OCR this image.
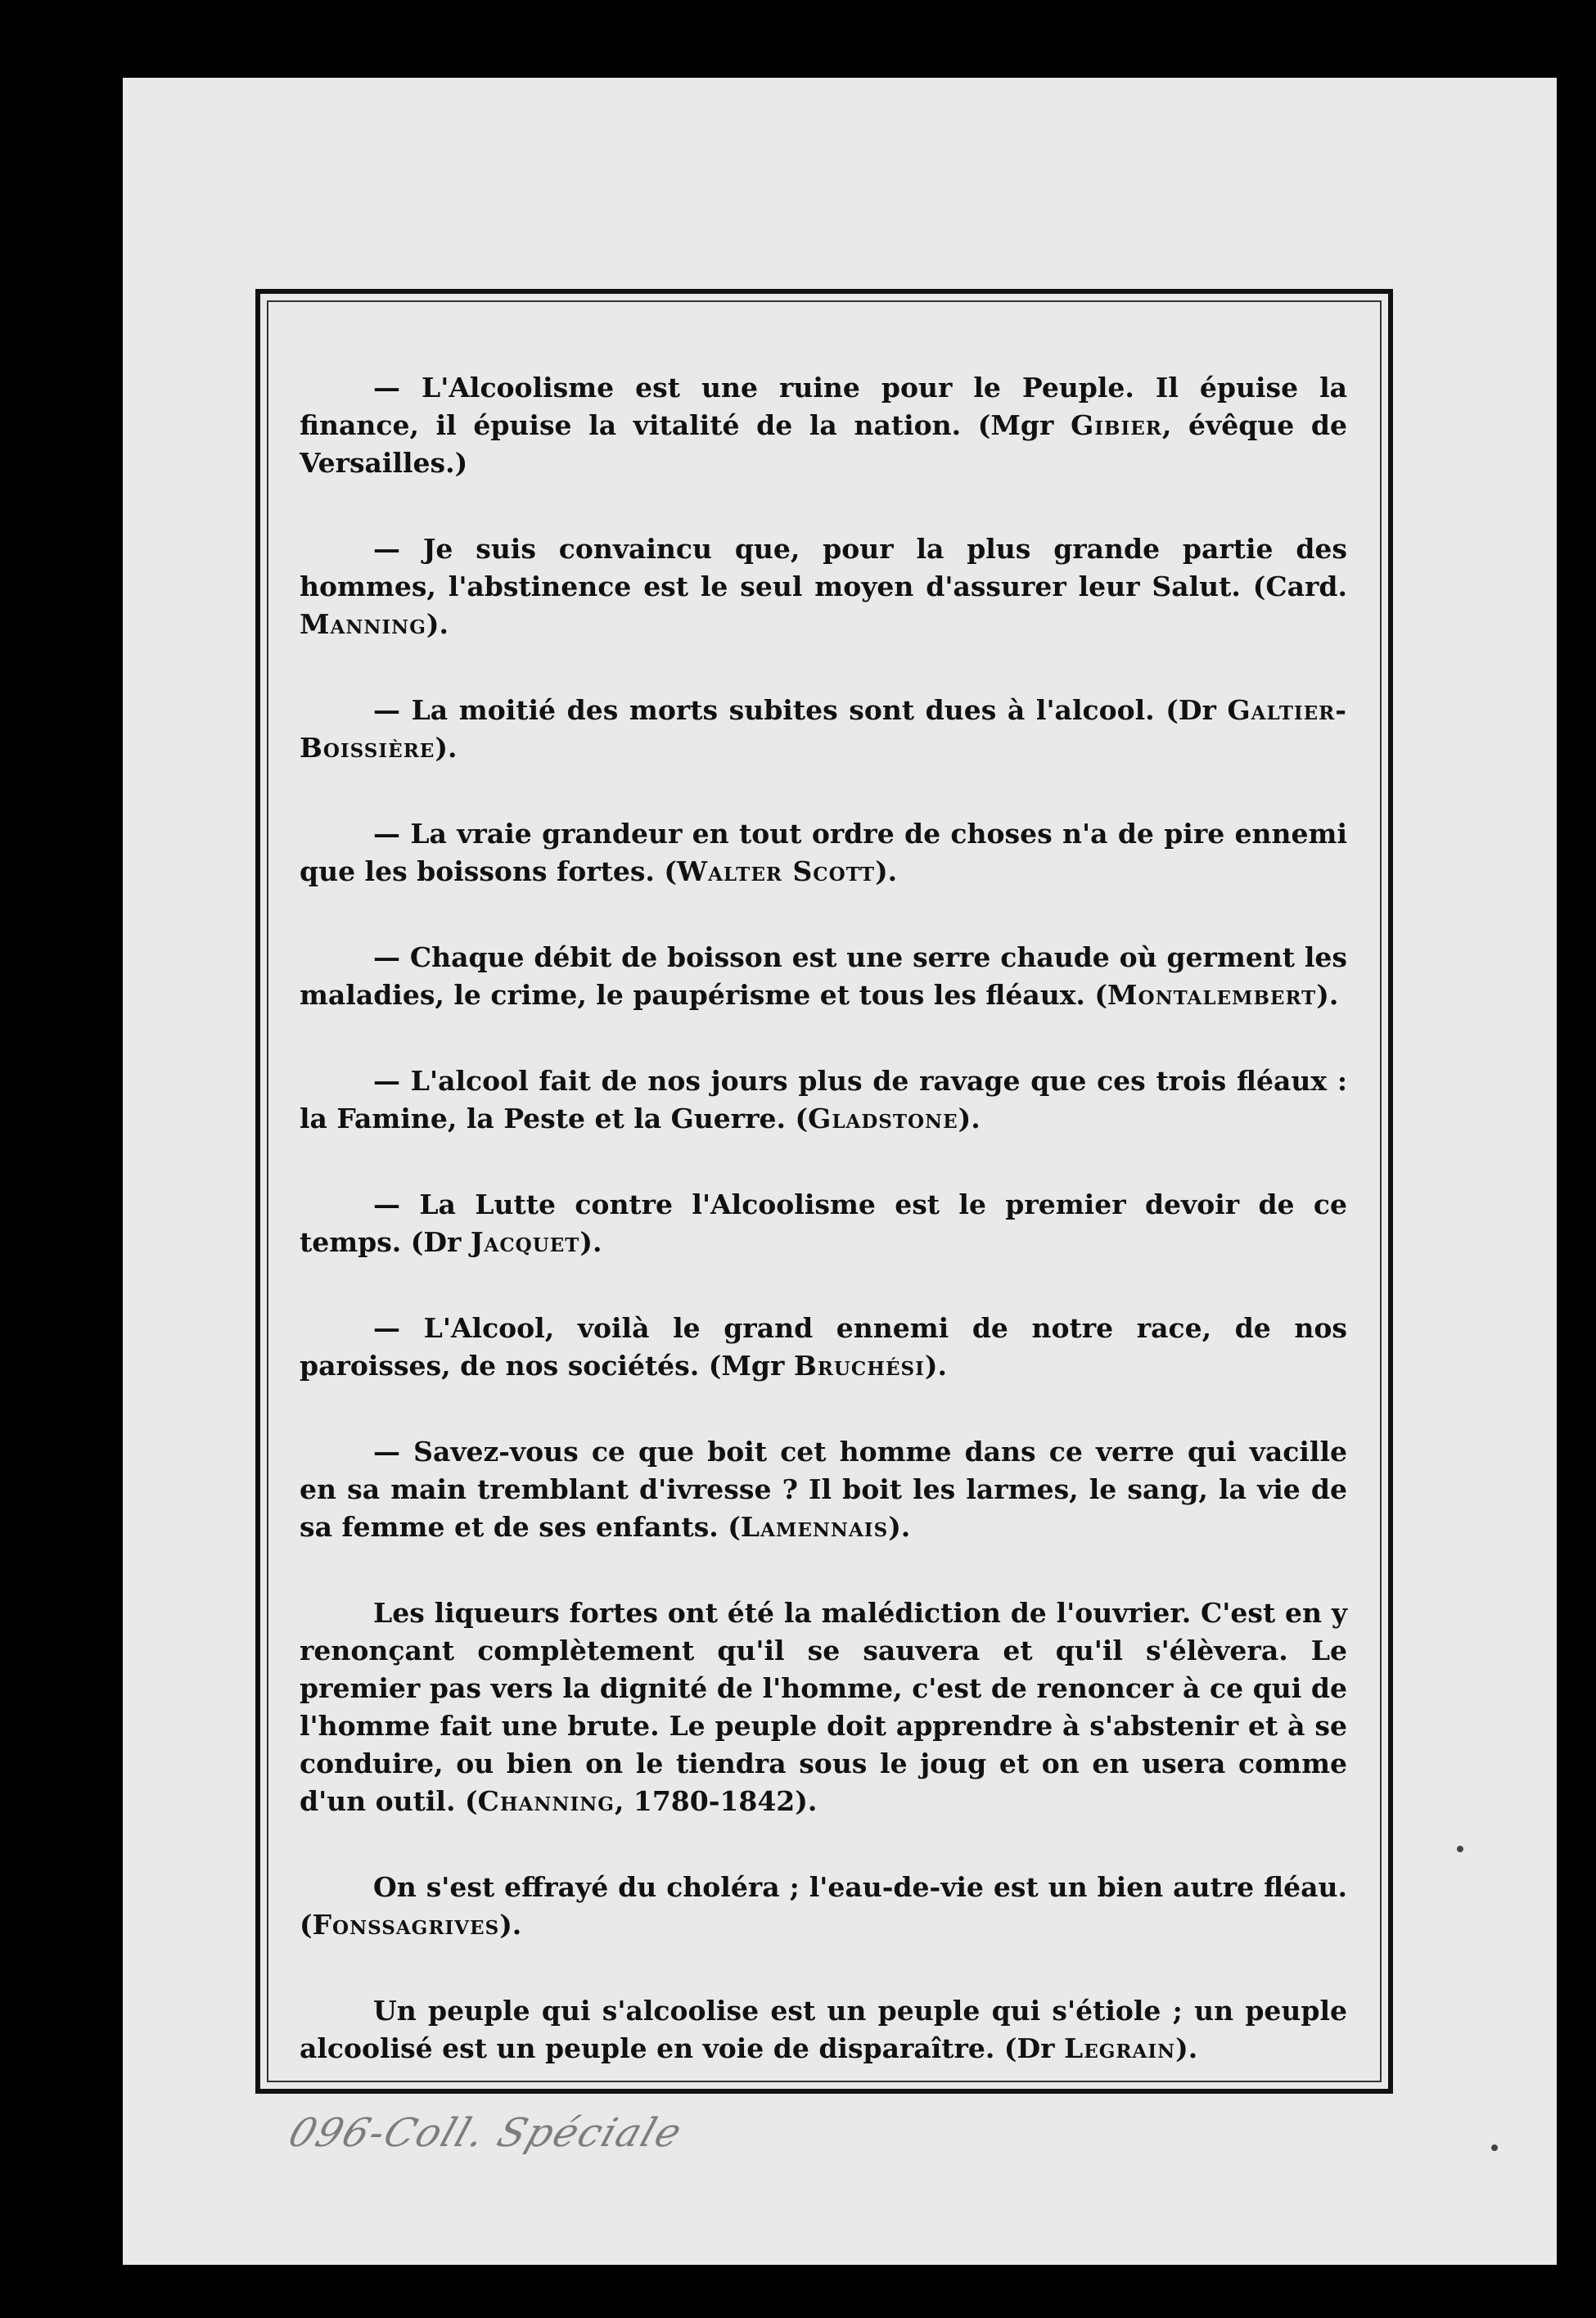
— L'Alcoolisme est une ruine pour le Peuple. Il épuise la finance, il épuise la vitalité de la nation. (Mgr Gibier, évêque de Versailles.)

— Je suis convaincu que, pour la plus grande partie des hommes, l'abstinence est le seul moyen d'assurer leur Salut. (Card. Manning).

— La moitié des morts subites sont dues à l'alcool. (Dr Galtier-Boissière).

— La vraie grandeur en tout ordre de choses n'a de pire ennemi que les boissons fortes. (Walter Scott).

— Chaque débit de boisson est une serre chaude où germent les maladies, le crime, le paupérisme et tous les fléaux. (Montalembert).

— L'alcool fait de nos jours plus de ravage que ces trois fléaux : la Famine, la Peste et la Guerre. (Gladstone).

— La Lutte contre l'Alcoolisme est le premier devoir de ce temps. (Dr Jacquet).

— L'Alcool, voilà le grand ennemi de notre race, de nos paroisses, de nos sociétés. (Mgr Bruchési).

— Savez-vous ce que boit cet homme dans ce verre qui vacille en sa main tremblant d'ivresse ? Il boit les larmes, le sang, la vie de sa femme et de ses enfants. (Lamennais).

Les liqueurs fortes ont été la malédiction de l'ouvrier. C'est en y renonçant complètement qu'il se sauvera et qu'il s'élèvera. Le premier pas vers la dignité de l'homme, c'est de renoncer à ce qui de l'homme fait une brute. Le peuple doit apprendre à s'abstenir et à se conduire, ou bien on le tiendra sous le joug et on en usera comme d'un outil. (Channing, 1780-1842).

On s'est effrayé du choléra ; l'eau-de-vie est un bien autre fléau. (Fonssagrives).

Un peuple qui s'alcoolise est un peuple qui s'étiole ; un peuple alcoolisé est un peuple en voie de disparaître. (Dr Legrain).

096-Coll. Spéciale
